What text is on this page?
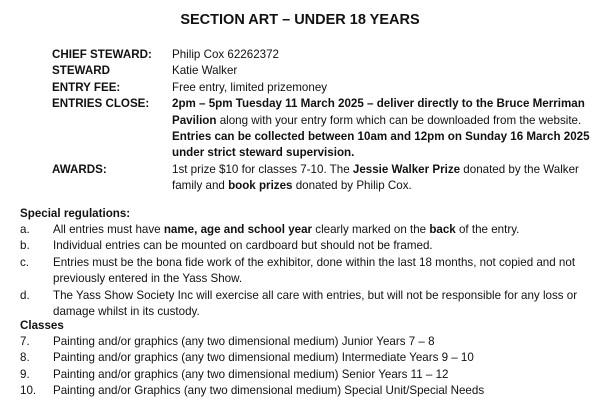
SECTION ART – UNDER 18 YEARS
CHIEF STEWARD:	Philip Cox 62262372
STEWARD	Katie Walker
ENTRY FEE:	Free entry, limited prizemoney
ENTRIES CLOSE:	2pm – 5pm Tuesday 11 March 2025 – deliver directly to the Bruce Merriman Pavilion along with your entry form which can be downloaded from the website. Entries can be collected between 10am and 12pm on Sunday 16 March 2025 under strict steward supervision.
AWARDS:	1st prize $10 for classes 7-10. The Jessie Walker Prize donated by the Walker family and book prizes donated by Philip Cox.
Special regulations:
a.	All entries must have name, age and school year clearly marked on the back of the entry.
b.	Individual entries can be mounted on cardboard but should not be framed.
c.	Entries must be the bona fide work of the exhibitor, done within the last 18 months, not copied and not previously entered in the Yass Show.
d.	The Yass Show Society Inc will exercise all care with entries, but will not be responsible for any loss or damage whilst in its custody.
Classes
7.	Painting and/or graphics (any two dimensional medium) Junior Years 7 – 8
8.	Painting and/or graphics (any two dimensional medium) Intermediate Years 9 – 10
9.	Painting and/or graphics (any two dimensional medium) Senior Years 11 – 12
10.	Painting and/or Graphics (any two dimensional medium) Special Unit/Special Needs
